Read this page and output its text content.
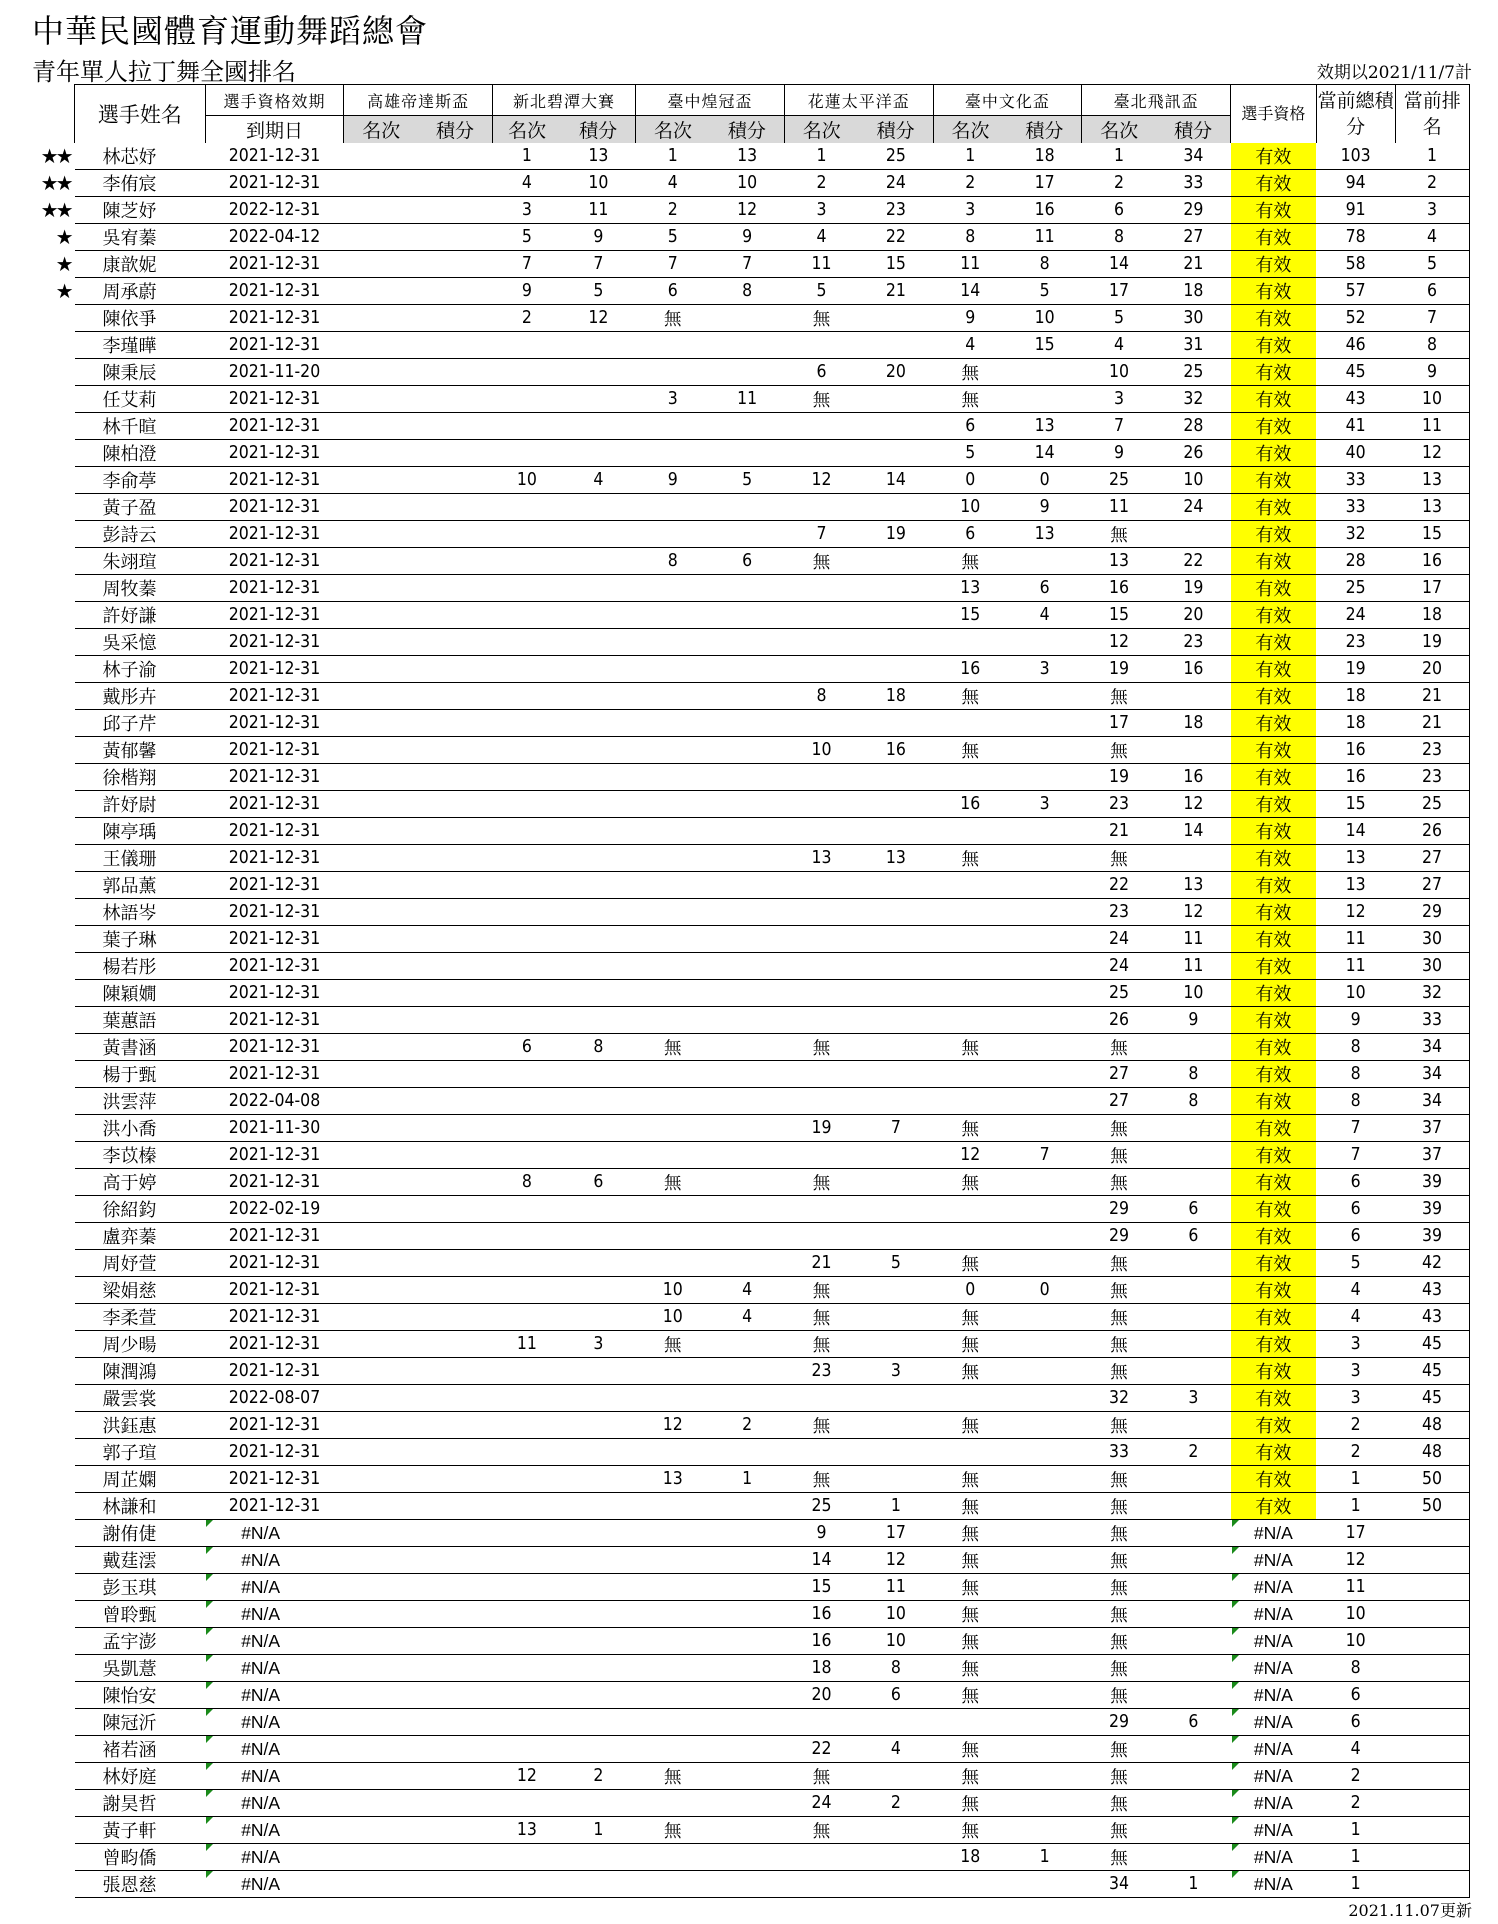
中華民國體育運動舞蹈總會
青年單人拉丁舞全國排名	效期以2021/11/7計
選手姓名	選手資格效期	高雄帝達斯盃		新北碧潭大賽		臺中煌冠盃		花蓮太平洋盃		臺中文化盃		臺北飛訊盃		選手資格	當前總積分	當前排名
	到期日	名次	積分	名次	積分	名次	積分	名次	積分	名次	積分	名次	積分			

★★ 林芯妤	2021-12-31			1	13	1	13	1	25	1	18	1	34	有效	103	1

★★ 李侑宸	2021-12-31			4	10	4	10	2	24	2	17	2	33	有效	94	2

★★ 陳芝妤	2022-12-31			3	11	2	12	3	23	3	16	6	29	有效	91	3

★ 吳宥蓁	2022-04-12			5	9	5	9	4	22	8	11	8	27	有效	78	4

★ 康歆妮	2021-12-31			7	7	7	7	11	15	11	8	14	21	有效	58	5

★ 周承蔚	2021-12-31			9	5	6	8	5	21	14	5	17	18	有效	57	6

陳依爭	2021-12-31			2	12	無		無		9	10	5	30	有效	52	7

李瑾曄	2021-12-31									4	15	4	31	有效	46	8

陳秉辰	2021-11-20							6	20	無		10	25	有效	45	9

任艾莉	2021-12-31					3	11	無		無		3	32	有效	43	10

林千暄	2021-12-31									6	13	7	28	有效	41	11

陳柏澄	2021-12-31									5	14	9	26	有效	40	12

李俞葶	2021-12-31			10	4	9	5	12	14	0	0	25	10	有效	33	13

黃子盈	2021-12-31									10	9	11	24	有效	33	13

彭詩云	2021-12-31							7	19	6	13	無		有效	32	15

朱翊瑄	2021-12-31					8	6	無		無		13	22	有效	28	16

周牧蓁	2021-12-31									13	6	16	19	有效	25	17

許妤謙	2021-12-31									15	4	15	20	有效	24	18

吳采憶	2021-12-31											12	23	有效	23	19

林子渝	2021-12-31									16	3	19	16	有效	19	20

戴彤卉	2021-12-31							8	18	無		無		有效	18	21

邱子芹	2021-12-31											17	18	有效	18	21

黃郁馨	2021-12-31							10	16	無		無		有效	16	23

徐楷翔	2021-12-31											19	16	有效	16	23

許妤尉	2021-12-31									16	3	23	12	有效	15	25

陳亭瑀	2021-12-31											21	14	有效	14	26

王儀珊	2021-12-31							13	13	無		無		有效	13	27

郭品薰	2021-12-31											22	13	有效	13	27

林語岑	2021-12-31											23	12	有效	12	29

葉子琳	2021-12-31											24	11	有效	11	30

楊若彤	2021-12-31											24	11	有效	11	30

陳穎嫺	2021-12-31											25	10	有效	10	32

葉蕙語	2021-12-31											26	9	有效	9	33

黃書涵	2021-12-31			6	8	無		無		無		無		有效	8	34

楊于甄	2021-12-31											27	8	有效	8	34

洪雲萍	2022-04-08											27	8	有效	8	34

洪小喬	2021-11-30							19	7	無		無		有效	7	37

李苡榛	2021-12-31									12	7	無		有效	7	37

高于婷	2021-12-31			8	6	無		無		無		無		有效	6	39

徐紹鈞	2022-02-19											29	6	有效	6	39

盧弈蓁	2021-12-31											29	6	有效	6	39

周妤萱	2021-12-31							21	5	無		無		有效	5	42

梁娟慈	2021-12-31					10	4	無		0	0	無		有效	4	43

李柔萱	2021-12-31					10	4	無		無		無		有效	4	43

周少暘	2021-12-31			11	3	無		無		無		無		有效	3	45

陳潤鴻	2021-12-31							23	3	無		無		有效	3	45

嚴雲裳	2022-08-07											32	3	有效	3	45

洪鈺惠	2021-12-31					12	2	無		無		無		有效	2	48

郭子瑄	2021-12-31											33	2	有效	2	48

周芷嫻	2021-12-31					13	1	無		無		無		有效	1	50

林謙和	2021-12-31							25	1	無		無		有效	1	50

謝侑倢	#N/A							9	17	無		無		#N/A	17	

戴莛澐	#N/A							14	12	無		無		#N/A	12	

彭玉琪	#N/A							15	11	無		無		#N/A	11	

曾聆甄	#N/A							16	10	無		無		#N/A	10	

孟宇澎	#N/A							16	10	無		無		#N/A	10	

吳凱薏	#N/A							18	8	無		無		#N/A	8	

陳怡安	#N/A							20	6	無		無		#N/A	6	

陳冠沂	#N/A											29	6	#N/A	6	

褚若涵	#N/A							22	4	無		無		#N/A	4	

林妤庭	#N/A			12	2	無		無		無		無		#N/A	2	

謝昊哲	#N/A							24	2	無		無		#N/A	2	

黃子軒	#N/A			13	1	無		無		無		無		#N/A	1	

曾畇僑	#N/A									18	1	無		#N/A	1	

張恩慈	#N/A											34	1	#N/A	1	
2021.11.07更新
